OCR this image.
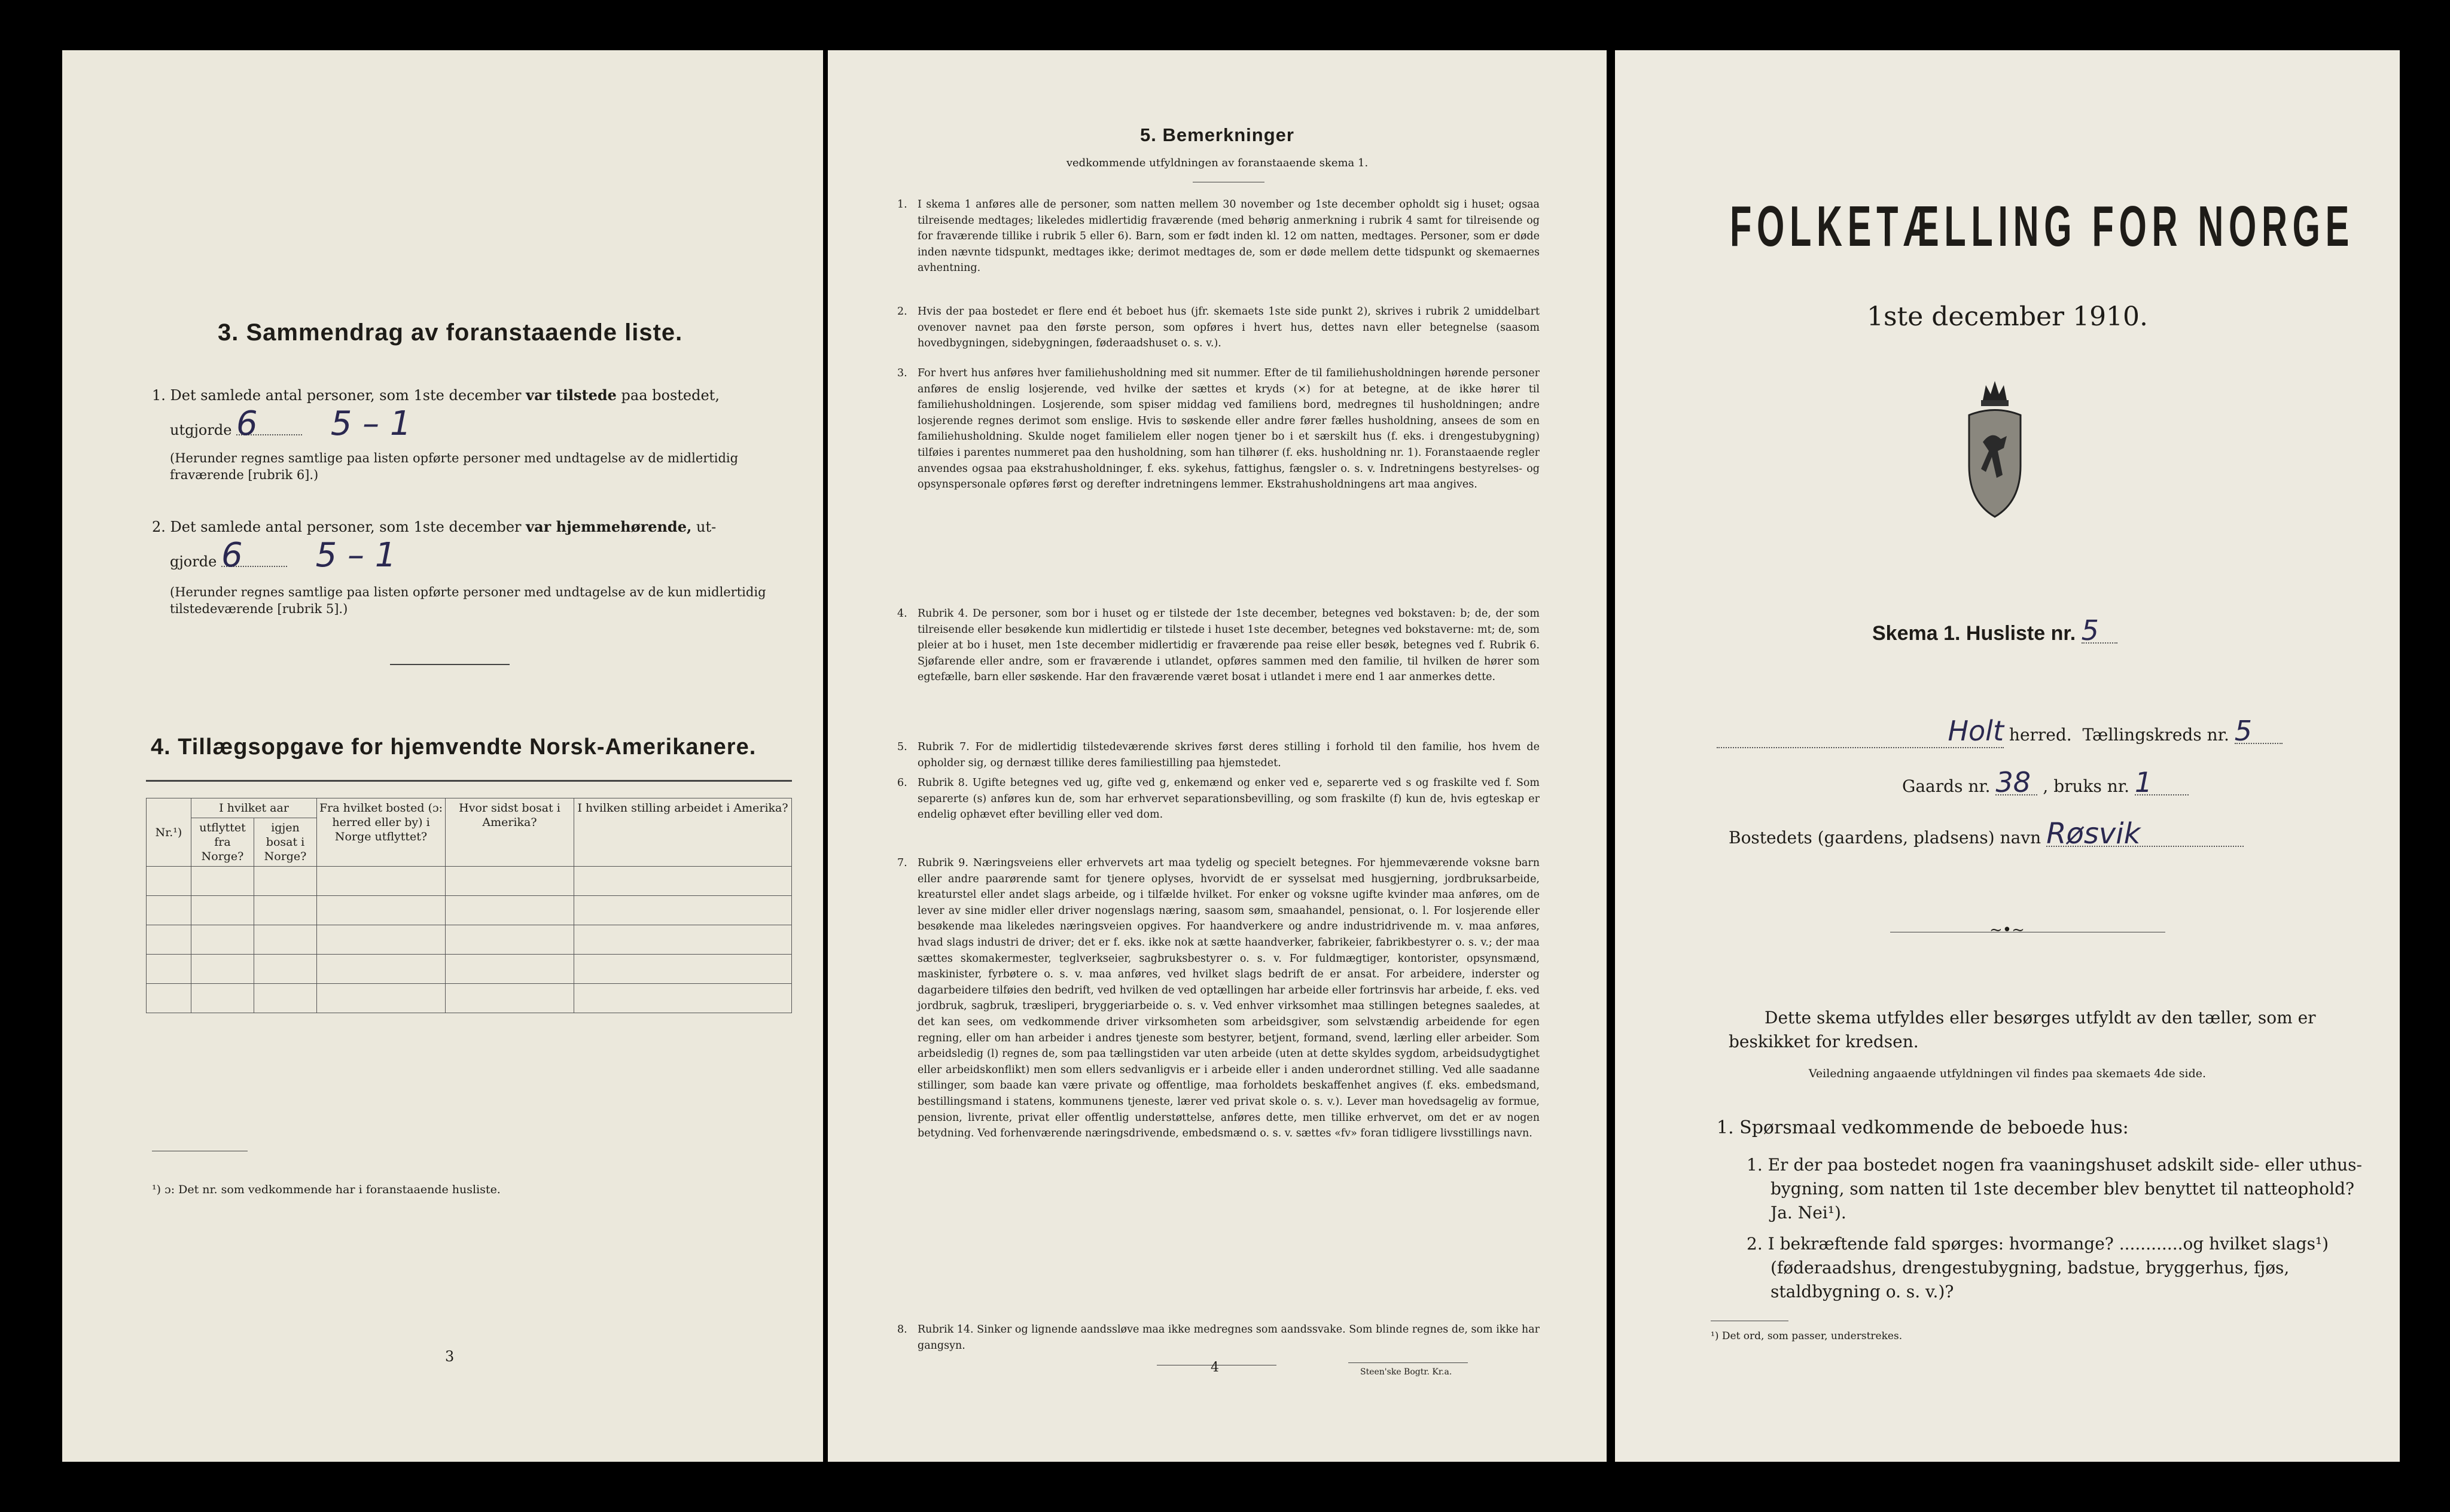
3. Sammendrag av foranstaaende liste.
1. Det samlede antal personer, som 1ste december var tilstede paa bostedet,
utgjorde 6 5 – 1
(Herunder regnes samtlige paa listen opførte personer med undtagelse av de midlertidig fraværende [rubrik 6].)
2. Det samlede antal personer, som 1ste december var hjemmehørende, ut-
gjorde 6 5 – 1
(Herunder regnes samtlige paa listen opførte personer med undtagelse av de kun midlertidig tilstedeværende [rubrik 5].)
4. Tillægsopgave for hjemvendte Norsk-Amerikanere.
Nr.¹)	I hvilket aar		Fra hvilket bosted (ɔ: herred eller by) i Norge utflyttet?	Hvor sidst bosat i Amerika?	I hvilken stilling arbeidet i Amerika?
	utflyttet fra Norge?	igjen bosat i Norge?			

¹) ɔ: Det nr. som vedkommende har i foranstaaende husliste.
3
5. Bemerkninger
vedkommende utfyldningen av foranstaaende skema 1.
1. I skema 1 anføres alle de personer, som natten mellem 30 november og 1ste december opholdt sig i huset; ogsaa tilreisende medtages; likeledes midlertidig fraværende (med behørig anmerkning i rubrik 4 samt for tilreisende og for fraværende tillike i rubrik 5 eller 6). Barn, som er født inden kl. 12 om natten, medtages. Personer, som er døde inden nævnte tidspunkt, medtages ikke; derimot medtages de, som er døde mellem dette tidspunkt og skemaernes avhentning.
2. Hvis der paa bostedet er flere end ét beboet hus (jfr. skemaets 1ste side punkt 2), skrives i rubrik 2 umiddelbart ovenover navnet paa den første person, som opføres i hvert hus, dettes navn eller betegnelse (saasom hovedbygningen, sidebygningen, føderaadshuset o. s. v.).
3. For hvert hus anføres hver familiehusholdning med sit nummer. Efter de til familiehusholdningen hørende personer anføres de enslig losjerende, ved hvilke der sættes et kryds (×) for at betegne, at de ikke hører til familiehusholdningen. Losjerende, som spiser middag ved familiens bord, medregnes til husholdningen; andre losjerende regnes derimot som enslige. Hvis to søskende eller andre fører fælles husholdning, ansees de som en familiehusholdning. Skulde noget familielem eller nogen tjener bo i et særskilt hus (f. eks. i drengestubygning) tilføies i parentes nummeret paa den husholdning, som han tilhører (f. eks. husholdning nr. 1). Foranstaaende regler anvendes ogsaa paa ekstrahusholdninger, f. eks. sykehus, fattighus, fængsler o. s. v. Indretningens bestyrelses- og opsynspersonale opføres først og derefter indretningens lemmer. Ekstrahusholdningens art maa angives.
4. Rubrik 4. De personer, som bor i huset og er tilstede der 1ste december, betegnes ved bokstaven: b; de, der som tilreisende eller besøkende kun midlertidig er tilstede i huset 1ste december, betegnes ved bokstaverne: mt; de, som pleier at bo i huset, men 1ste december midlertidig er fraværende paa reise eller besøk, betegnes ved f. Rubrik 6. Sjøfarende eller andre, som er fraværende i utlandet, opføres sammen med den familie, til hvilken de hører som egtefælle, barn eller søskende. Har den fraværende været bosat i utlandet i mere end 1 aar anmerkes dette.
5. Rubrik 7. For de midlertidig tilstedeværende skrives først deres stilling i forhold til den familie, hos hvem de opholder sig, og dernæst tillike deres familiestilling paa hjemstedet.
6. Rubrik 8. Ugifte betegnes ved ug, gifte ved g, enkemænd og enker ved e, separerte ved s og fraskilte ved f. Som separerte (s) anføres kun de, som har erhvervet separationsbevilling, og som fraskilte (f) kun de, hvis egteskap er endelig ophævet efter bevilling eller ved dom.
7. Rubrik 9. Næringsveiens eller erhvervets art maa tydelig og specielt betegnes. For hjemmeværende voksne barn eller andre paarørende samt for tjenere oplyses, hvorvidt de er sysselsat med husgjerning, jordbruksarbeide, kreaturstel eller andet slags arbeide, og i tilfælde hvilket. For enker og voksne ugifte kvinder maa anføres, om de lever av sine midler eller driver nogenslags næring, saasom søm, smaahandel, pensionat, o. l. For losjerende eller besøkende maa likeledes næringsveien opgives. For haandverkere og andre industridrivende m. v. maa anføres, hvad slags industri de driver; det er f. eks. ikke nok at sætte haandverker, fabrikeier, fabrikbestyrer o. s. v.; der maa sættes skomakermester, teglverkseier, sagbruksbestyrer o. s. v. For fuldmægtiger, kontorister, opsynsmænd, maskinister, fyrbøtere o. s. v. maa anføres, ved hvilket slags bedrift de er ansat. For arbeidere, inderster og dagarbeidere tilføies den bedrift, ved hvilken de ved optællingen har arbeide eller fortrinsvis har arbeide, f. eks. ved jordbruk, sagbruk, træsliperi, bryggeriarbeide o. s. v. Ved enhver virksomhet maa stillingen betegnes saaledes, at det kan sees, om vedkommende driver virksomheten som arbeidsgiver, som selvstændig arbeidende for egen regning, eller om han arbeider i andres tjeneste som bestyrer, betjent, formand, svend, lærling eller arbeider. Som arbeidsledig (l) regnes de, som paa tællingstiden var uten arbeide (uten at dette skyldes sygdom, arbeidsudygtighet eller arbeidskonflikt) men som ellers sedvanligvis er i arbeide eller i anden underordnet stilling. Ved alle saadanne stillinger, som baade kan være private og offentlige, maa forholdets beskaffenhet angives (f. eks. embedsmand, bestillingsmand i statens, kommunens tjeneste, lærer ved privat skole o. s. v.). Lever man hovedsagelig av formue, pension, livrente, privat eller offentlig understøttelse, anføres dette, men tillike erhvervet, om det er av nogen betydning. Ved forhenværende næringsdrivende, embedsmænd o. s. v. sættes «fv» foran tidligere livsstillings navn.
8. Rubrik 14. Sinker og lignende aandssløve maa ikke medregnes som aandssvake. Som blinde regnes de, som ikke har gangsyn.
4	Steen'ske Bogtr. Kr.a.
FOLKETÆLLING FOR NORGE
1ste december 1910.
Skema 1. Husliste nr. 5
Holt herred. Tællingskreds nr. 5
Gaards nr. 38 , bruks nr. 1
Bostedets (gaardens, pladsens) navn Røsvik
~•~
Dette skema utfyldes eller besørges utfyldt av den tæller, som er beskikket for kredsen.
Veiledning angaaende utfyldningen vil findes paa skemaets 4de side.
1. Spørsmaal vedkommende de beboede hus:
1. Er der paa bostedet nogen fra vaaningshuset adskilt side- eller uthus-bygning, som natten til 1ste december blev benyttet til natteophold? Ja. Nei¹).
2. I bekræftende fald spørges: hvormange? ............og hvilket slags¹) (føderaadshus, drengestubygning, badstue, bryggerhus, fjøs, staldbygning o. s. v.)?
¹) Det ord, som passer, understrekes.
